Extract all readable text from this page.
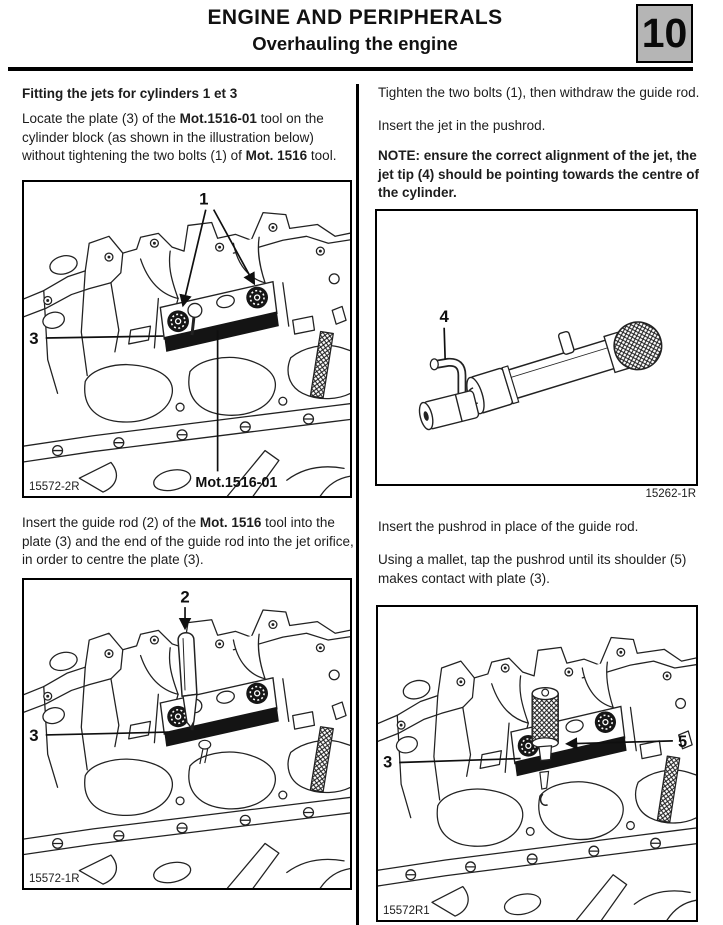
ENGINE AND PERIPHERALS
Overhauling the engine	10
Fitting the jets for cylinders 1 et 3

Locate the plate (3) of the Mot.1516-01 tool on the cylinder block (as shown in the illustration below) without tightening the two bolts (1) of Mot. 1516 tool.

1
3
Mot.1516-01
15572-2R

Insert the guide rod (2) of the Mot. 1516 tool into the plate (3) and the end of the guide rod into the jet orifice, in order to centre the plate (3).

2
3
15572-1R

Tighten the two bolts (1), then withdraw the guide rod.

Insert the jet in the pushrod.

NOTE: ensure the correct alignment of the jet, the jet tip (4) should be pointing towards the centre of the cylinder.

4
15262-1R

Insert the pushrod in place of the guide rod.

Using a mallet, tap the pushrod until its shoulder (5) makes contact with plate (3).

5
3
15572R1
